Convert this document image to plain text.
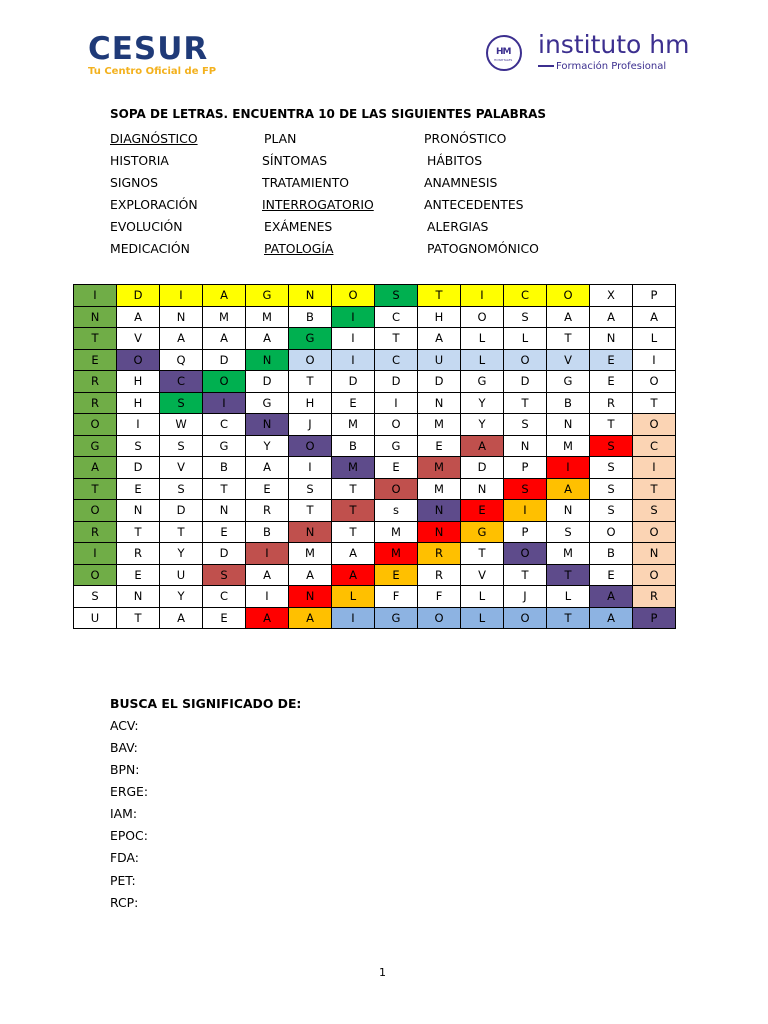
CESUR
Tu Centro Oficial de FP
HM
HOSPITALES
instituto hm
Formación Profesional
SOPA DE LETRAS. ENCUENTRA 10 DE LAS SIGUIENTES PALABRAS
DIAGNÓSTICO	PLAN	PRONÓSTICO
HISTORIA	SÍNTOMAS	HÁBITOS
SIGNOS	TRATAMIENTO	ANAMNESIS
EXPLORACIÓN	INTERROGATORIO	ANTECEDENTES
EVOLUCIÓN	EXÁMENES	ALERGIAS
MEDICACIÓN	PATOLOGÍA	PATOGNOMÓNICO
I	D	I	A	G	N	O	S	T	I	C	O	X	P
N	A	N	M	M	B	I	C	H	O	S	A	A	A
T	V	A	A	A	G	I	T	A	L	L	T	N	L
E	O	Q	D	N	O	I	C	U	L	O	V	E	I
R	H	C	O	D	T	D	D	D	G	D	G	E	O
R	H	S	I	G	H	E	I	N	Y	T	B	R	T
O	I	W	C	N	J	M	O	M	Y	S	N	T	O
G	S	S	G	Y	O	B	G	E	A	N	M	S	C
A	D	V	B	A	I	M	E	M	D	P	I	S	I
T	E	S	T	E	S	T	O	M	N	S	A	S	T
O	N	D	N	R	T	T	s	N	E	I	N	S	S
R	T	T	E	B	N	T	M	N	G	P	S	O	O
I	R	Y	D	I	M	A	M	R	T	O	M	B	N
O	E	U	S	A	A	A	E	R	V	T	T	E	O
S	N	Y	C	I	N	L	F	F	L	J	L	A	R
U	T	A	E	A	A	I	G	O	L	O	T	A	P
BUSCA EL SIGNIFICADO DE:
ACV:
BAV:
BPN:
ERGE:
IAM:
EPOC:
FDA:
PET:
RCP:
1
